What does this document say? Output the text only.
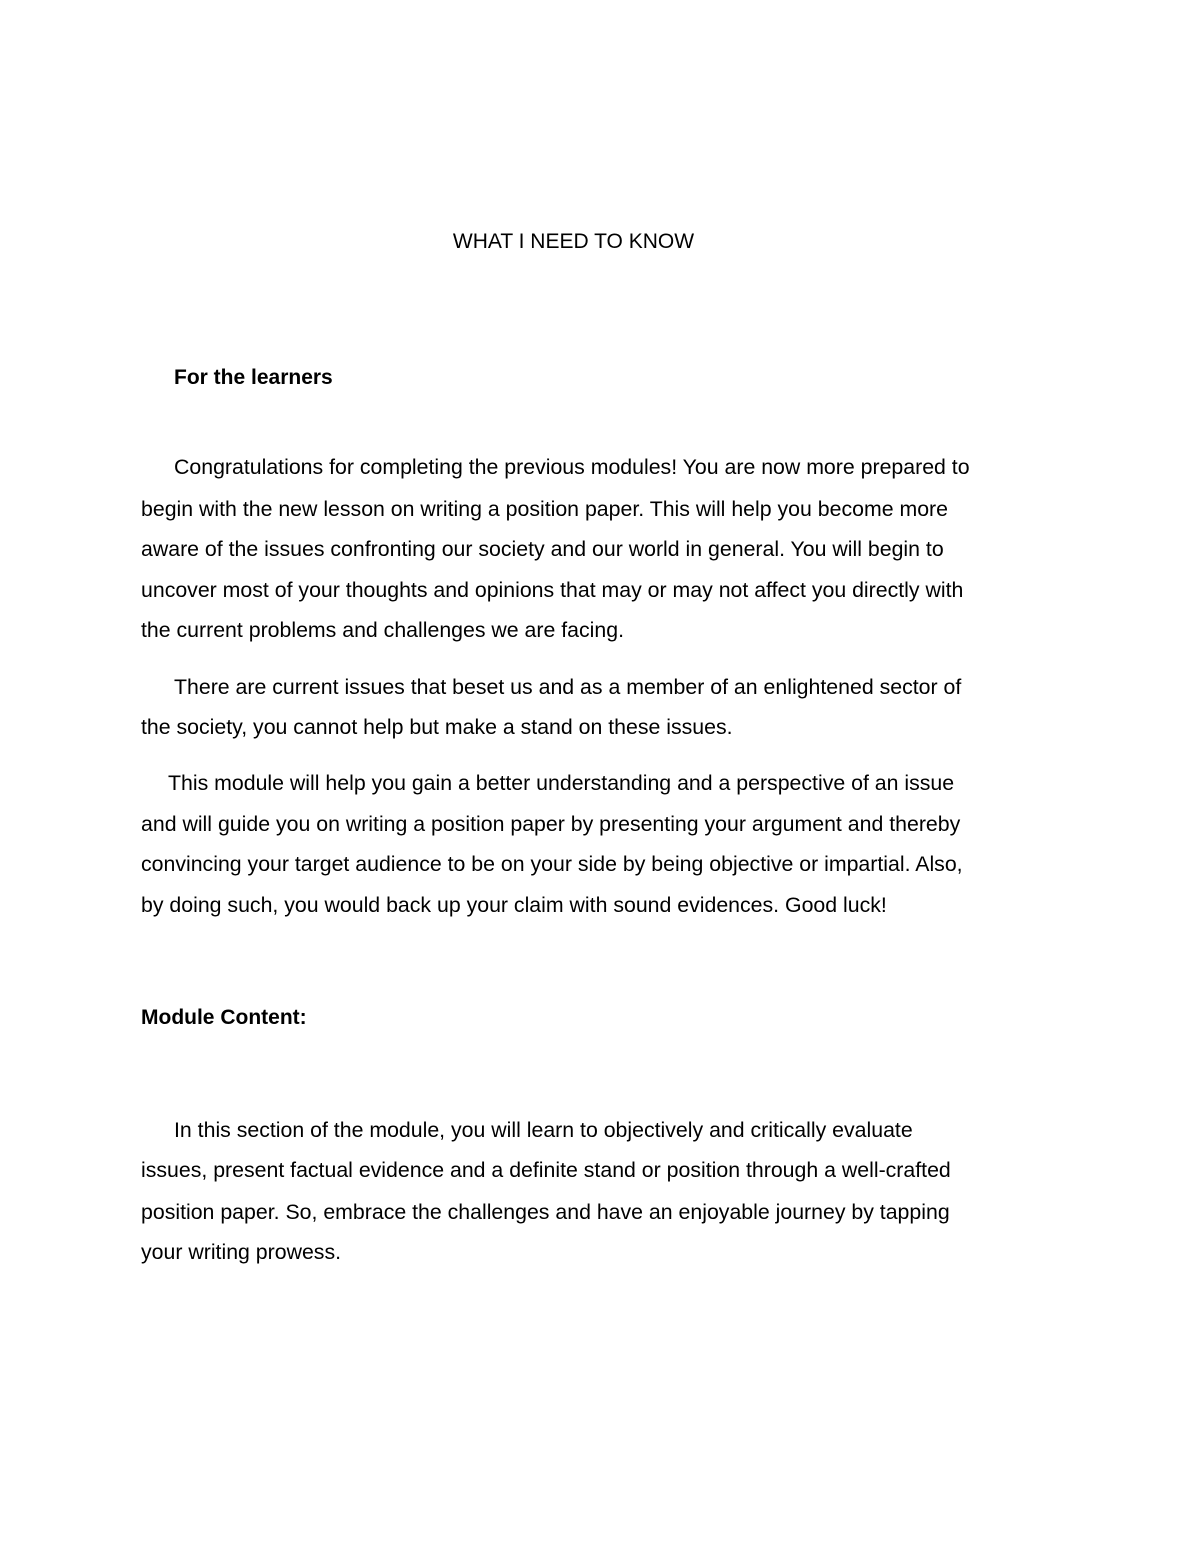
WHAT I NEED TO KNOW
For the learners
Congratulations for completing the previous modules! You are now more prepared to
begin with the new lesson on writing a position paper. This will help you become more
aware of the issues confronting our society and our world in general. You will begin to
uncover most of your thoughts and opinions that may or may not affect you directly with
the current problems and challenges we are facing.
There are current issues that beset us and as a member of an enlightened sector of
the society, you cannot help but make a stand on these issues.
This module will help you gain a better understanding and a perspective of an issue
and will guide you on writing a position paper by presenting your argument and thereby
convincing your target audience to be on your side by being objective or impartial. Also,
by doing such, you would back up your claim with sound evidences. Good luck!
Module Content:
In this section of the module, you will learn to objectively and critically evaluate
issues, present factual evidence and a definite stand or position through a well-crafted
position paper. So, embrace the challenges and have an enjoyable journey by tapping
your writing prowess.
